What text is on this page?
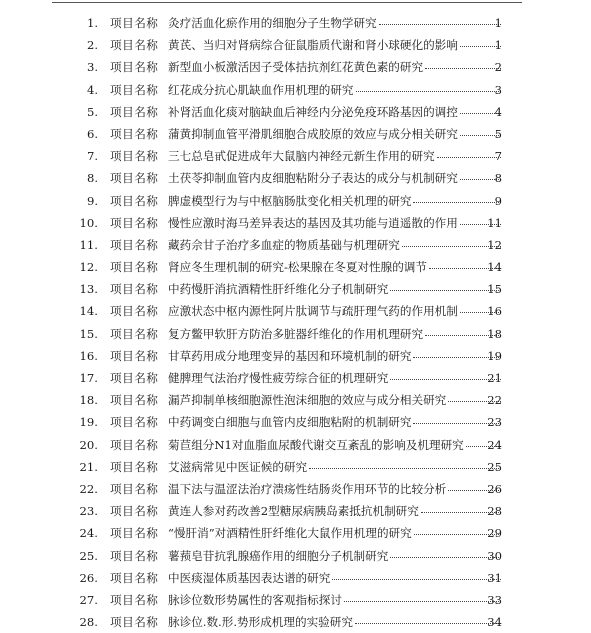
1. 项目名称 灸疗活血化瘀作用的细胞分子生物学研究	1
2. 项目名称 黄芪、当归对肾病综合征鼠脂质代谢和肾小球硬化的影响	1
3. 项目名称 新型血小板激活因子受体拮抗剂红花黄色素的研究	2
4. 项目名称 红花成分抗心肌缺血作用机理的研究	3
5. 项目名称 补肾活血化痰对脑缺血后神经内分泌免疫环路基因的调控	4
6. 项目名称 蒲黄抑制血管平滑肌细胞合成胶原的效应与成分相关研究	5
7. 项目名称 三七总皂甙促进成年大鼠脑内神经元新生作用的研究	7
8. 项目名称 土茯苓抑制血管内皮细胞粘附分子表达的成分与机制研究	8
9. 项目名称 脾虚模型行为与中枢脑肠肽变化相关机理的研究	9
10. 项目名称 慢性应激时海马差异表达的基因及其功能与逍遥散的作用	11
11. 项目名称 藏药佘甘子治疗多血症的物质基础与机理研究	12
12. 项目名称 肾应冬生理机制的研究-松果腺在冬夏对性腺的调节	14
13. 项目名称 中药慢肝消抗酒精性肝纤维化分子机制研究	15
14. 项目名称 应激状态中枢内源性阿片肽调节与疏肝理气药的作用机制	16
15. 项目名称 复方鳖甲软肝方防治多脏器纤维化的作用机理研究	18
16. 项目名称 甘草药用成分地理变异的基因和环境机制的研究	19
17. 项目名称 健脾理气法治疗慢性疲劳综合征的机理研究	21
18. 项目名称 漏芦抑制单核细胞源性泡沫细胞的效应与成分相关研究	22
19. 项目名称 中药调变白细胞与血管内皮细胞粘附的机制研究	23
20. 项目名称 菊苣组分N1对血脂血尿酸代谢交互紊乱的影响及机理研究	24
21. 项目名称 艾滋病常见中医证候的研究	25
22. 项目名称 温下法与温涩法治疗溃疡性结肠炎作用环节的比较分析	26
23. 项目名称 黄连人参对药改善2型糖尿病胰岛素抵抗机制研究	28
24. 项目名称 “慢肝消”对酒精性肝纤维化大鼠作用机理的研究	29
25. 项目名称 薯蓣皂苷抗乳腺癌作用的细胞分子机制研究	30
26. 项目名称 中医痰湿体质基因表达谱的研究	31
27. 项目名称 脉诊位数形势属性的客观指标探讨	33
28. 项目名称 脉诊位.数.形.势形成机理的实验研究	34
